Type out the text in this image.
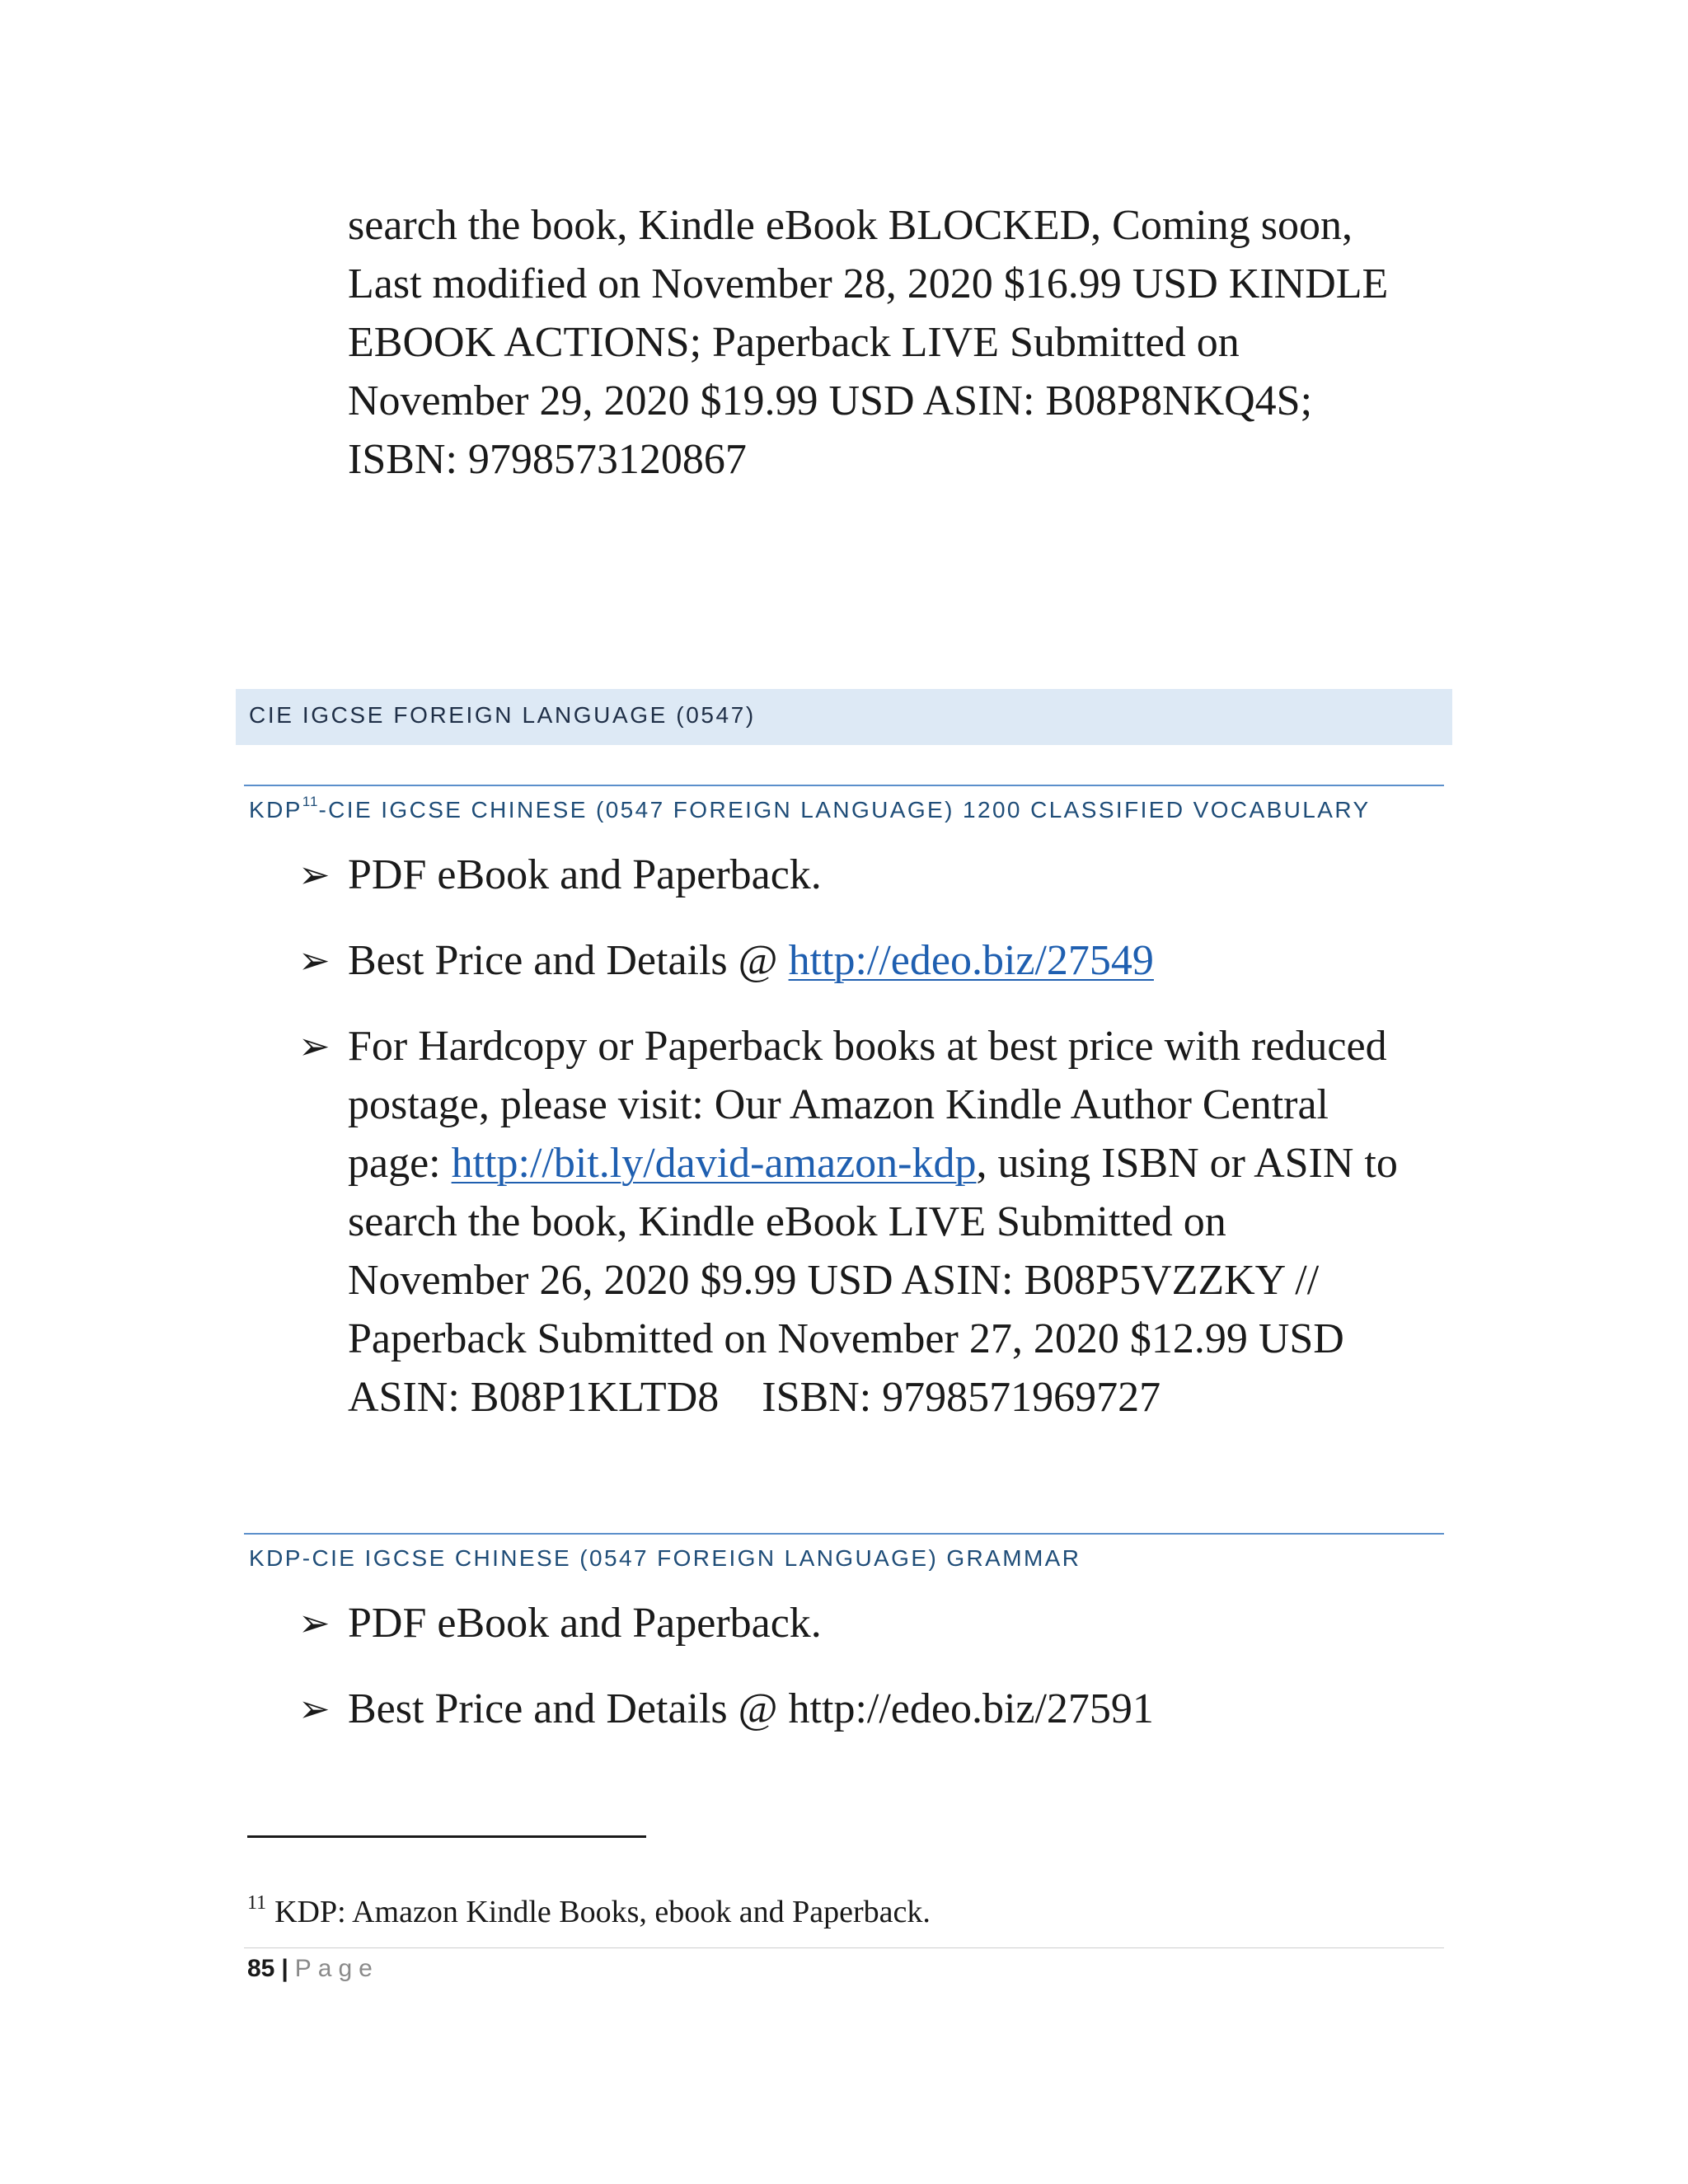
search the book, Kindle eBook BLOCKED, Coming soon,
Last modified on November 28, 2020 $16.99 USD KINDLE
EBOOK ACTIONS; Paperback LIVE Submitted on
November 29, 2020 $19.99 USD ASIN: B08P8NKQ4S;
ISBN: 9798573120867
CIE IGCSE FOREIGN LANGUAGE (0547)
KDP$^{11}$-CIE IGCSE CHINESE (0547 FOREIGN LANGUAGE) 1200 CLASSIFIED VOCABULARY
➢ PDF eBook and Paperback.
➢ Best Price and Details @ http://edeo.biz/27549
➢ For Hardcopy or Paperback books at best price with reduced
postage, please visit: Our Amazon Kindle Author Central
page: http://bit.ly/david-amazon-kdp, using ISBN or ASIN to
search the book, Kindle eBook LIVE Submitted on
November 26, 2020 $9.99 USD ASIN: B08P5VZZKY //
Paperback Submitted on November 27, 2020 $12.99 USD
ASIN: B08P1KLTD8    ISBN: 9798571969727
KDP-CIE IGCSE CHINESE (0547 FOREIGN LANGUAGE) GRAMMAR
➢ PDF eBook and Paperback.
➢ Best Price and Details @ http://edeo.biz/27591
$^{11}$ KDP: Amazon Kindle Books, ebook and Paperback.
85 | Page
